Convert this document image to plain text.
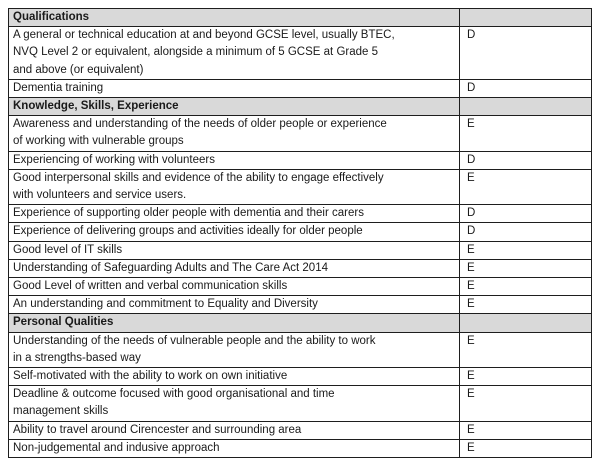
Qualifications	
A general or technical education at and beyond GCSE level, usually BTEC,
NVQ Level 2 or equivalent, alongside a minimum of 5 GCSE at Grade 5
and above (or equivalent)	D
Dementia training	D
Knowledge, Skills, Experience	
Awareness and understanding of the needs of older people or experience
of working with vulnerable groups	E
Experiencing of working with volunteers	D
Good interpersonal skills and evidence of the ability to engage effectively
with volunteers and service users.	E
Experience of supporting older people with dementia and their carers	D
Experience of delivering groups and activities ideally for older people	D
Good level of IT skills	E
Understanding of Safeguarding Adults and The Care Act 2014	E
Good Level of written and verbal communication skills	E
An understanding and commitment to Equality and Diversity	E
Personal Qualities	
Understanding of the needs of vulnerable people and the ability to work
in a strengths-based way	E
Self-motivated with the ability to work on own initiative	E
Deadline & outcome focused with good organisational and time
management skills	E
Ability to travel around Cirencester and surrounding area	E
Non-judgemental and indusive approach	E
